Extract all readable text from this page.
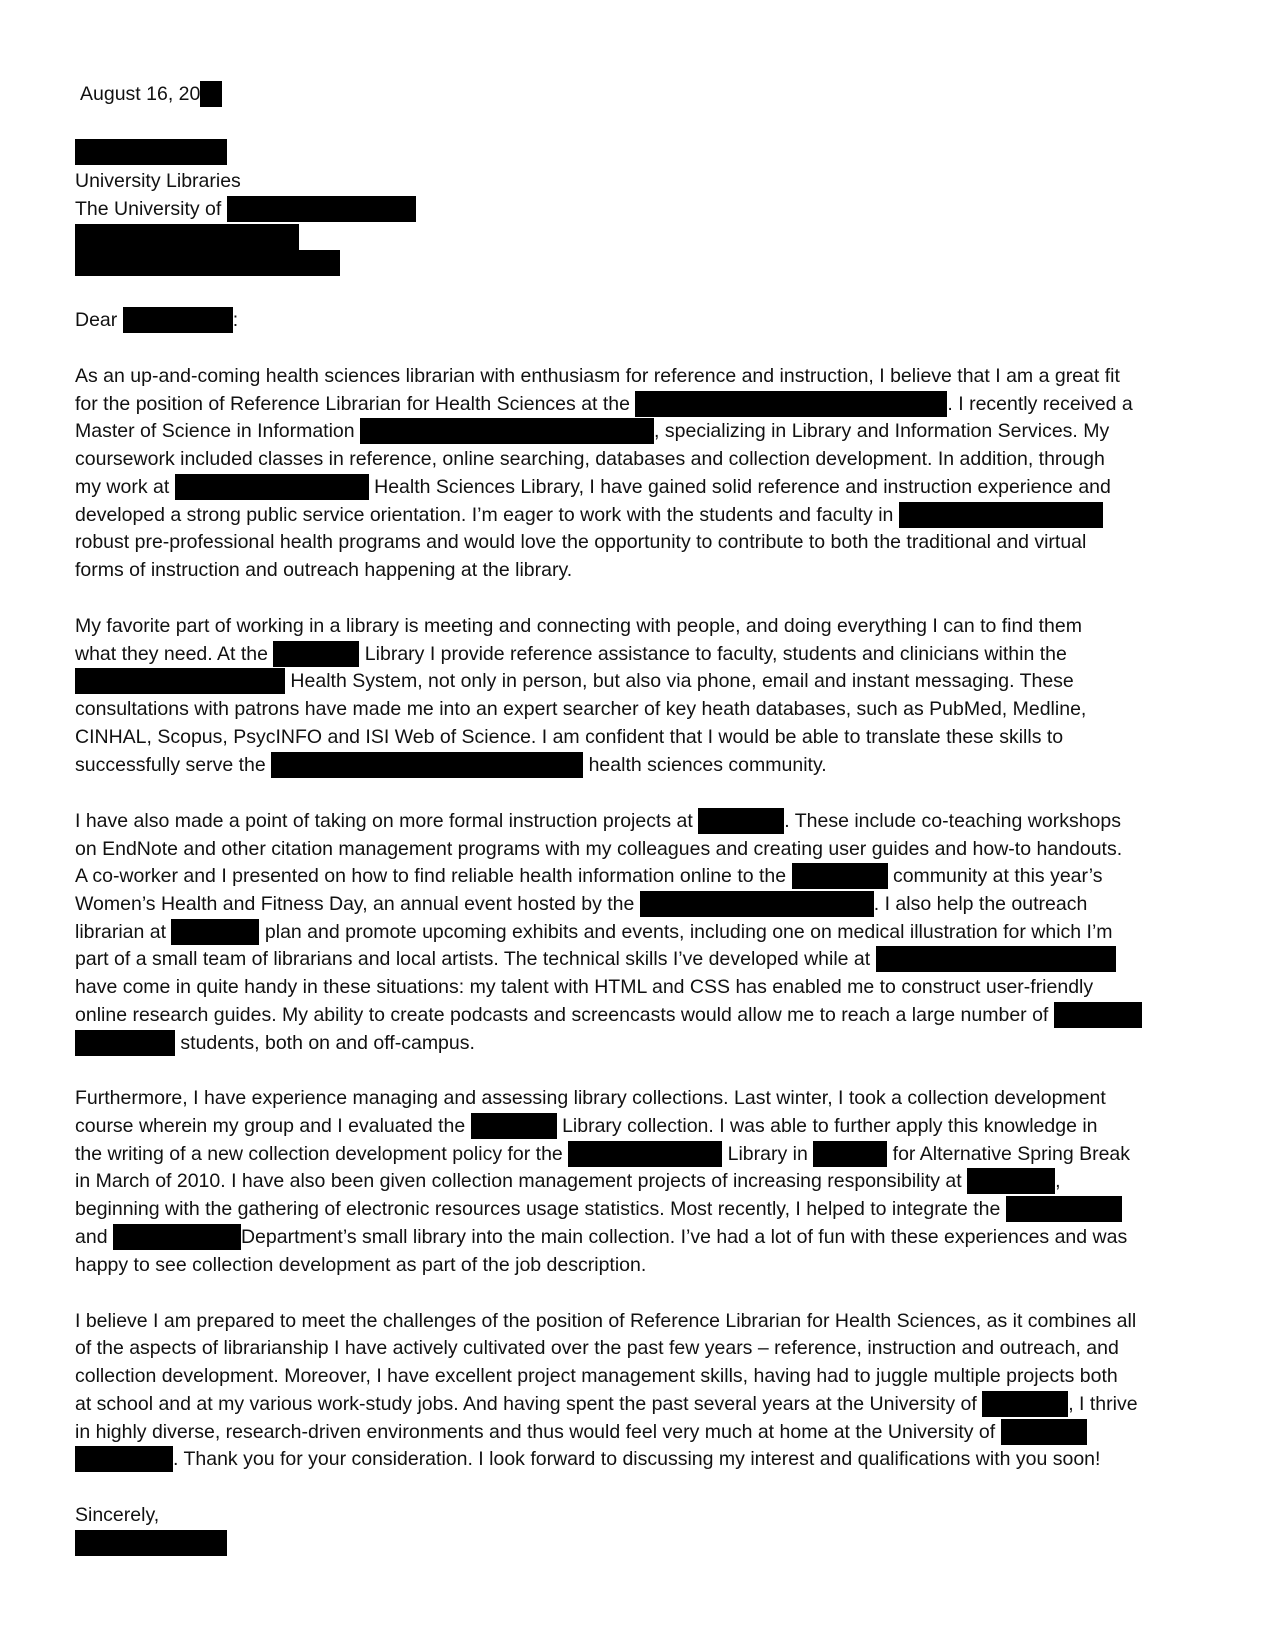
August 16, 20
University Libraries
The University of
Dear	:
As an up-and-coming health sciences librarian with enthusiasm for reference and instruction, I believe that I am a great fit
for the position of Reference Librarian for Health Sciences at the	. I recently received a
Master of Science in Information	, specializing in Library and Information Services. My
coursework included classes in reference, online searching, databases and collection development. In addition, through
my work at	Health Sciences Library, I have gained solid reference and instruction experience and
developed a strong public service orientation. I’m eager to work with the students and faculty in
robust pre-professional health programs and would love the opportunity to contribute to both the traditional and virtual
forms of instruction and outreach happening at the library.
My favorite part of working in a library is meeting and connecting with people, and doing everything I can to find them
what they need. At the	Library I provide reference assistance to faculty, students and clinicians within the
Health System, not only in person, but also via phone, email and instant messaging. These
consultations with patrons have made me into an expert searcher of key heath databases, such as PubMed, Medline,
CINHAL, Scopus, PsycINFO and ISI Web of Science. I am confident that I would be able to translate these skills to
successfully serve the	health sciences community.
I have also made a point of taking on more formal instruction projects at	. These include co-teaching workshops
on EndNote and other citation management programs with my colleagues and creating user guides and how-to handouts.
A co-worker and I presented on how to find reliable health information online to the	community at this year’s
Women’s Health and Fitness Day, an annual event hosted by the	. I also help the outreach
librarian at	plan and promote upcoming exhibits and events, including one on medical illustration for which I’m
part of a small team of librarians and local artists. The technical skills I’ve developed while at
have come in quite handy in these situations: my talent with HTML and CSS has enabled me to construct user-friendly
online research guides. My ability to create podcasts and screencasts would allow me to reach a large number of
students, both on and off-campus.
Furthermore, I have experience managing and assessing library collections. Last winter, I took a collection development
course wherein my group and I evaluated the	Library collection. I was able to further apply this knowledge in
the writing of a new collection development policy for the	Library in	for Alternative Spring Break
in March of 2010. I have also been given collection management projects of increasing responsibility at	,
beginning with the gathering of electronic resources usage statistics. Most recently, I helped to integrate the
and	Department’s small library into the main collection. I’ve had a lot of fun with these experiences and was
happy to see collection development as part of the job description.
I believe I am prepared to meet the challenges of the position of Reference Librarian for Health Sciences, as it combines all
of the aspects of librarianship I have actively cultivated over the past few years – reference, instruction and outreach, and
collection development. Moreover, I have excellent project management skills, having had to juggle multiple projects both
at school and at my various work-study jobs. And having spent the past several years at the University of	, I thrive
in highly diverse, research-driven environments and thus would feel very much at home at the University of
. Thank you for your consideration. I look forward to discussing my interest and qualifications with you soon!
Sincerely,
